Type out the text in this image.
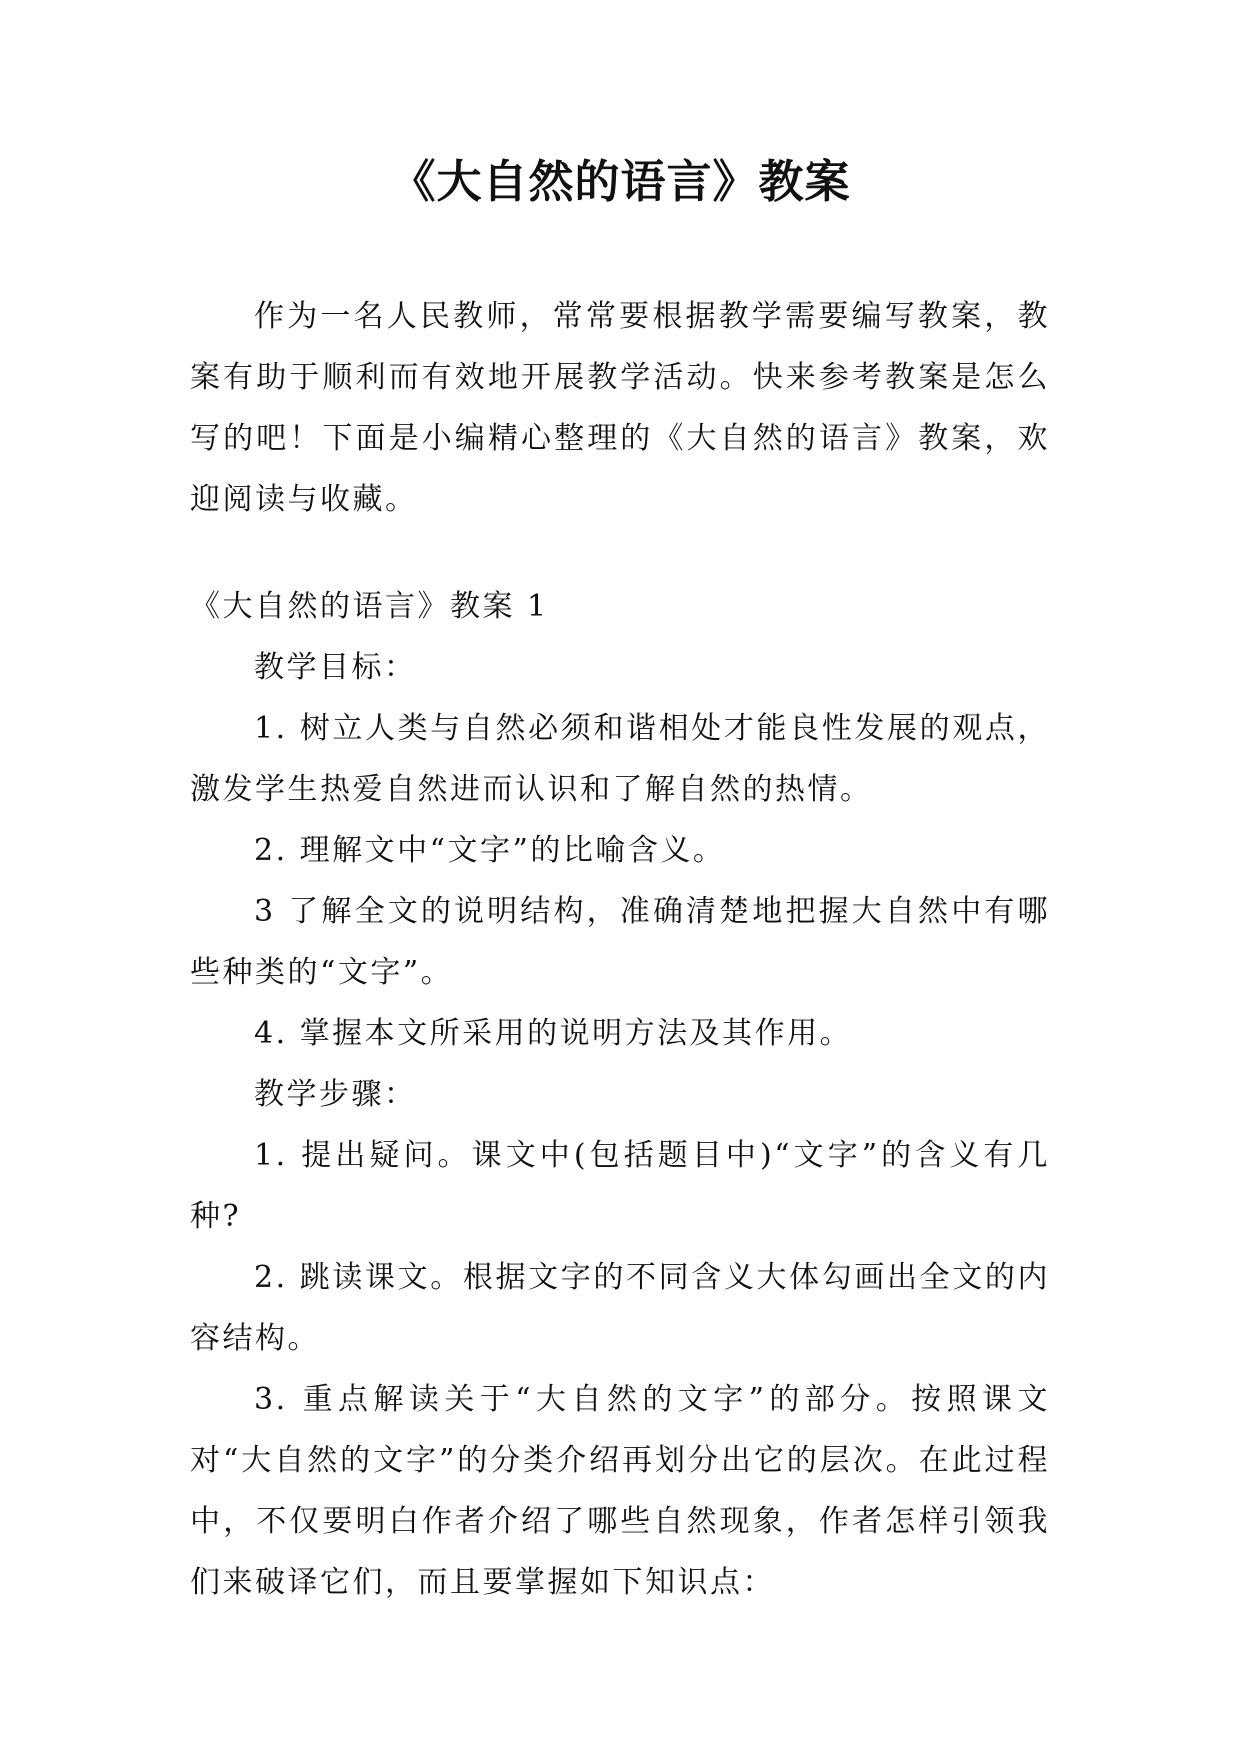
《大自然的语言》教案

作为一名人民教师，常常要根据教学需要编写教案，教案有助于顺利而有效地开展教学活动。快来参考教案是怎么写的吧！下面是小编精心整理的《大自然的语言》教案，欢迎阅读与收藏。

《大自然的语言》教案 1

教学目标：

1. 树立人类与自然必须和谐相处才能良性发展的观点，激发学生热爱自然进而认识和了解自然的热情。

2. 理解文中“文字”的比喻含义。

3 了解全文的说明结构，准确清楚地把握大自然中有哪些种类的“文字”。

4. 掌握本文所采用的说明方法及其作用。

教学步骤：

1. 提出疑问。课文中(包括题目中)“文字”的含义有几种?

2. 跳读课文。根据文字的不同含义大体勾画出全文的内容结构。

3. 重点解读关于“大自然的文字”的部分。按照课文对“大自然的文字”的分类介绍再划分出它的层次。在此过程中，不仅要明白作者介绍了哪些自然现象，作者怎样引领我们来破译它们，而且要掌握如下知识点：
